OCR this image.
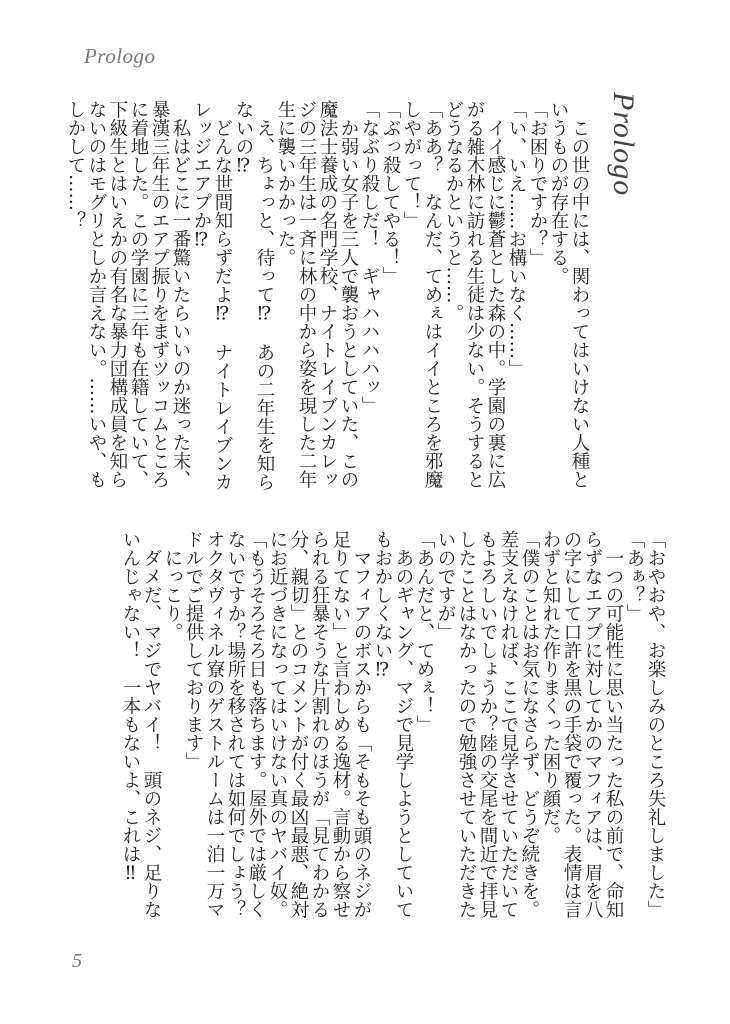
Prologo
Prologo
　この世の中には、関わってはいけない人種というものが存在する。
「お困りですか？」
「い、いえ……お構いなく……」
　イイ感じに鬱蒼とした森の中。学園の裏に広がる雑木林に訪れる生徒は少ない。そうするとどうなるかというと……。
「ああ？　なんだ、てめぇはイイところを邪魔しやがって！」
「ぶっ殺してやる！」
「なぶり殺しだ！　ギャハハハハッ」
　か弱い女子を三人で襲おうとしていた、この魔法士養成の名門学校、ナイトレイブンカレッジの三年生は一斉に林の中から姿を現した二年生に襲いかかった。
　え、ちょっと、待って⁉　あの二年生を知らないの⁉
　どんな世間知らずだよ⁉　ナイトレイブンカレッジエアプか⁉
　私はどこに一番驚いたらいいのか迷った末、暴漢三年生のエアプ振りをまずツッコムところに着地した。この学園に三年も在籍していて、下級生とはいえかの有名な暴力団構成員を知らないのはモグリとしか言えない。……いや、もしかして……？
「おやおや、お楽しみのところ失礼しました」
「あぁ？」
　一つの可能性に思い当たった私の前で、命知らずなエアプに対してかのマフィアは、眉を八の字にして口許を黒の手袋で覆った。表情は言わずと知れた作りまくった困り顔だ。
「僕のことはお気になさらず、どうぞ続きを。差支えなければ、ここで見学させていただいてもよろしいでしょうか？陸の交尾を間近で拝見したことはなかったので勉強させていただきたいのですが」
「あんだと、てめぇ！」
　あのギャング、マジで見学しようとしていてもおかしくない⁉
　マフィアのボスからも「そもそも頭のネジが足りてない」と言わしめる逸材。言動から察せられる狂暴そうな片割れのほうが「見てわかる分、親切」とのコメントが付く最凶最悪、絶対にお近づきになってはいけない真のヤバイ奴。
「もうそろそろ日も落ちます。屋外では厳しくないですか？場所を移されては如何でしょう？　オクタヴィネル寮のゲストルームは一泊一万マドルでご提供しております」
　にっこり。
　ダメだ、マジでヤバイ！　頭のネジ、足りないんじゃない！　一本もないよ、これは‼
5
